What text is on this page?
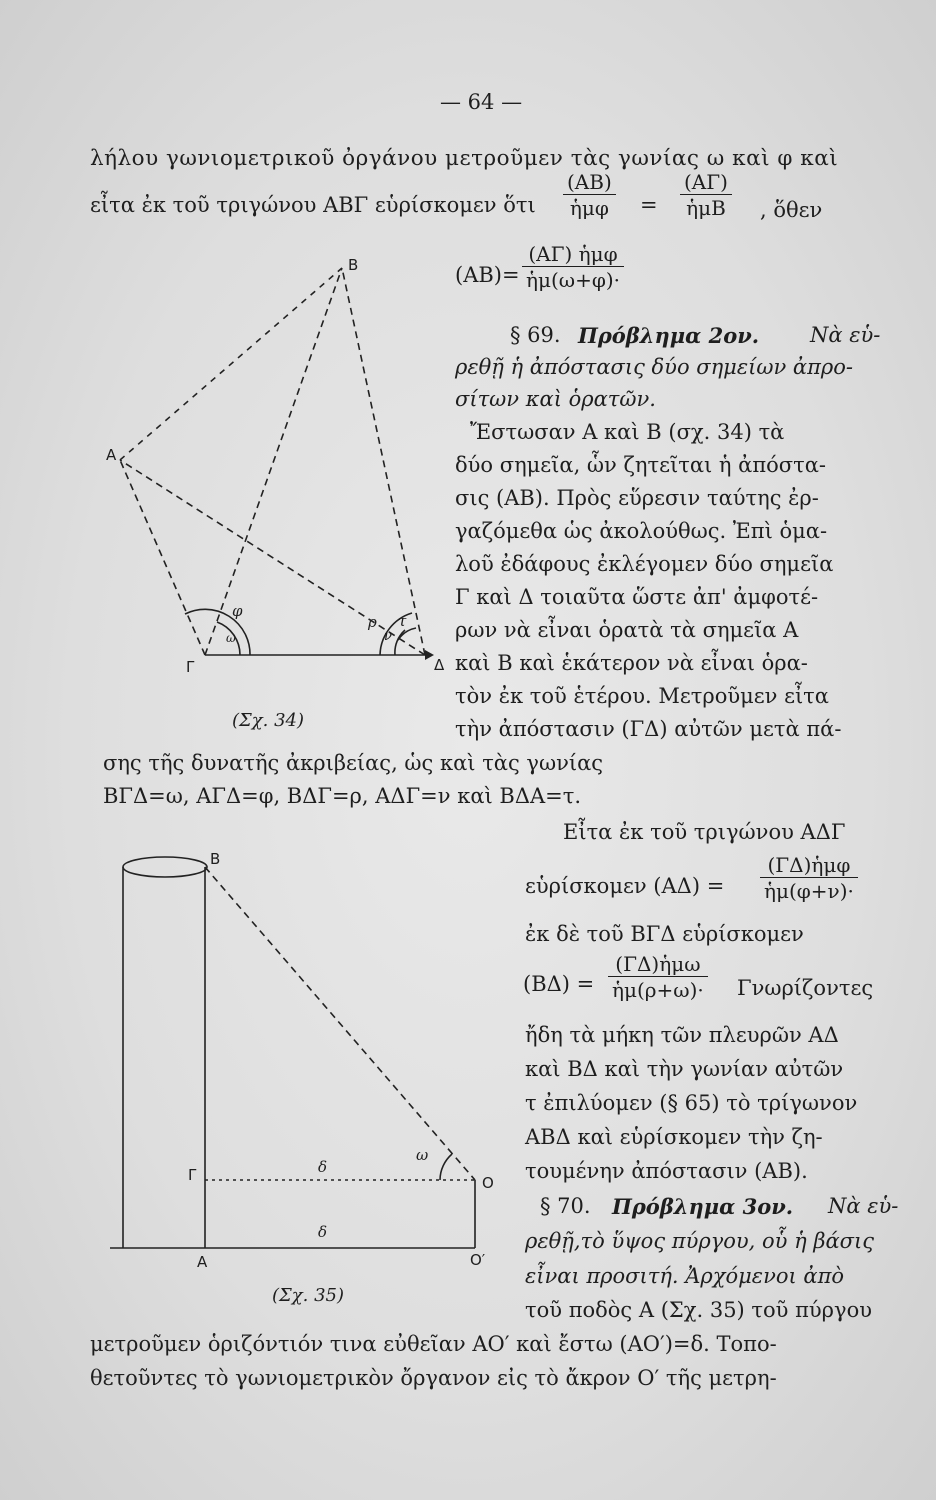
— 64 —
λήλου γωνιομετρικοῦ ὀργάνου μετροῦμεν τὰς γωνίας ω καὶ φ καὶ
εἶτα ἐκ τοῦ τριγώνου ΑΒΓ εὑρίσκομεν ὅτι
(ΑΒ)
ἡμφ	=
(ΑΓ)
ἡμΒ , ὅθεν
(ΑΒ)=
(ΑΓ) ἡμφ
ἡμ(ω+φ)·
§ 69. Πρόβλημα 2ον. Νὰ εὑ-
ρεθῇ ἡ ἀπόστασις δύο σημείων ἀπρο-
σίτων καὶ ὁρατῶν.
Ἔστωσαν Α καὶ Β (σχ. 34) τὰ
δύο σημεῖα, ὧν ζητεῖται ἡ ἀπόστα-
σις (ΑΒ). Πρὸς εὕρεσιν ταύτης ἐρ-
γαζόμεθα ὡς ἀκολούθως. Ἐπὶ ὁμα-
λοῦ ἐδάφους ἐκλέγομεν δύο σημεῖα
Γ καὶ Δ τοιαῦτα ὥστε ἀπ' ἀμφοτέ-
ρων νὰ εἶναι ὁρατὰ τὰ σημεῖα Α
καὶ Β καὶ ἑκάτερον νὰ εἶναι ὁρα-
τὸν ἐκ τοῦ ἑτέρου. Μετροῦμεν εἶτα
τὴν ἀπόστασιν (ΓΔ) αὐτῶν μετὰ πά-
σης τῆς δυνατῆς ἀκριβείας, ὡς καὶ τὰς γωνίας
ΒΓΔ=ω, ΑΓΔ=φ, ΒΔΓ=ρ, ΑΔΓ=ν καὶ ΒΔΑ=τ.
Εἶτα ἐκ τοῦ τριγώνου ΑΔΓ
εὑρίσκομεν (ΑΔ) =
(ΓΔ)ἡμφ
ἡμ(φ+ν)·
ἐκ δὲ τοῦ ΒΓΔ εὑρίσκομεν
(ΒΔ) =
(ΓΔ)ἡμω
ἡμ(ρ+ω)· Γνωρίζοντες
ἤδη τὰ μήκη τῶν πλευρῶν ΑΔ
καὶ ΒΔ καὶ τὴν γωνίαν αὐτῶν
τ ἐπιλύομεν (§ 65) τὸ τρίγωνον
ΑΒΔ καὶ εὑρίσκομεν τὴν ζη-
τουμένην ἀπόστασιν (ΑΒ).
§ 70. Πρόβλημα 3ον. Νὰ εὑ-
ρεθῇ,τὸ ὕψος πύργου, οὗ ἡ βάσις
εἶναι προσιτή. Ἀρχόμενοι ἀπὸ
τοῦ ποδὸς Α (Σχ. 35) τοῦ πύργου
μετροῦμεν ὁριζόντιόν τινα εὐθεῖαν ΑΟ′ καὶ ἔστω (ΑΟ′)=δ. Τοπο-
θετοῦντες τὸ γωνιομετρικὸν ὄργανον εἰς τὸ ἄκρον Ο′ τῆς μετρη-
Β
Α
Γ	Δ
φ
ω
ρ
ν
τ
(Σχ. 34)
Β
Γ
Α
Ο
Ο′
δ
δ
ω
(Σχ. 35)
